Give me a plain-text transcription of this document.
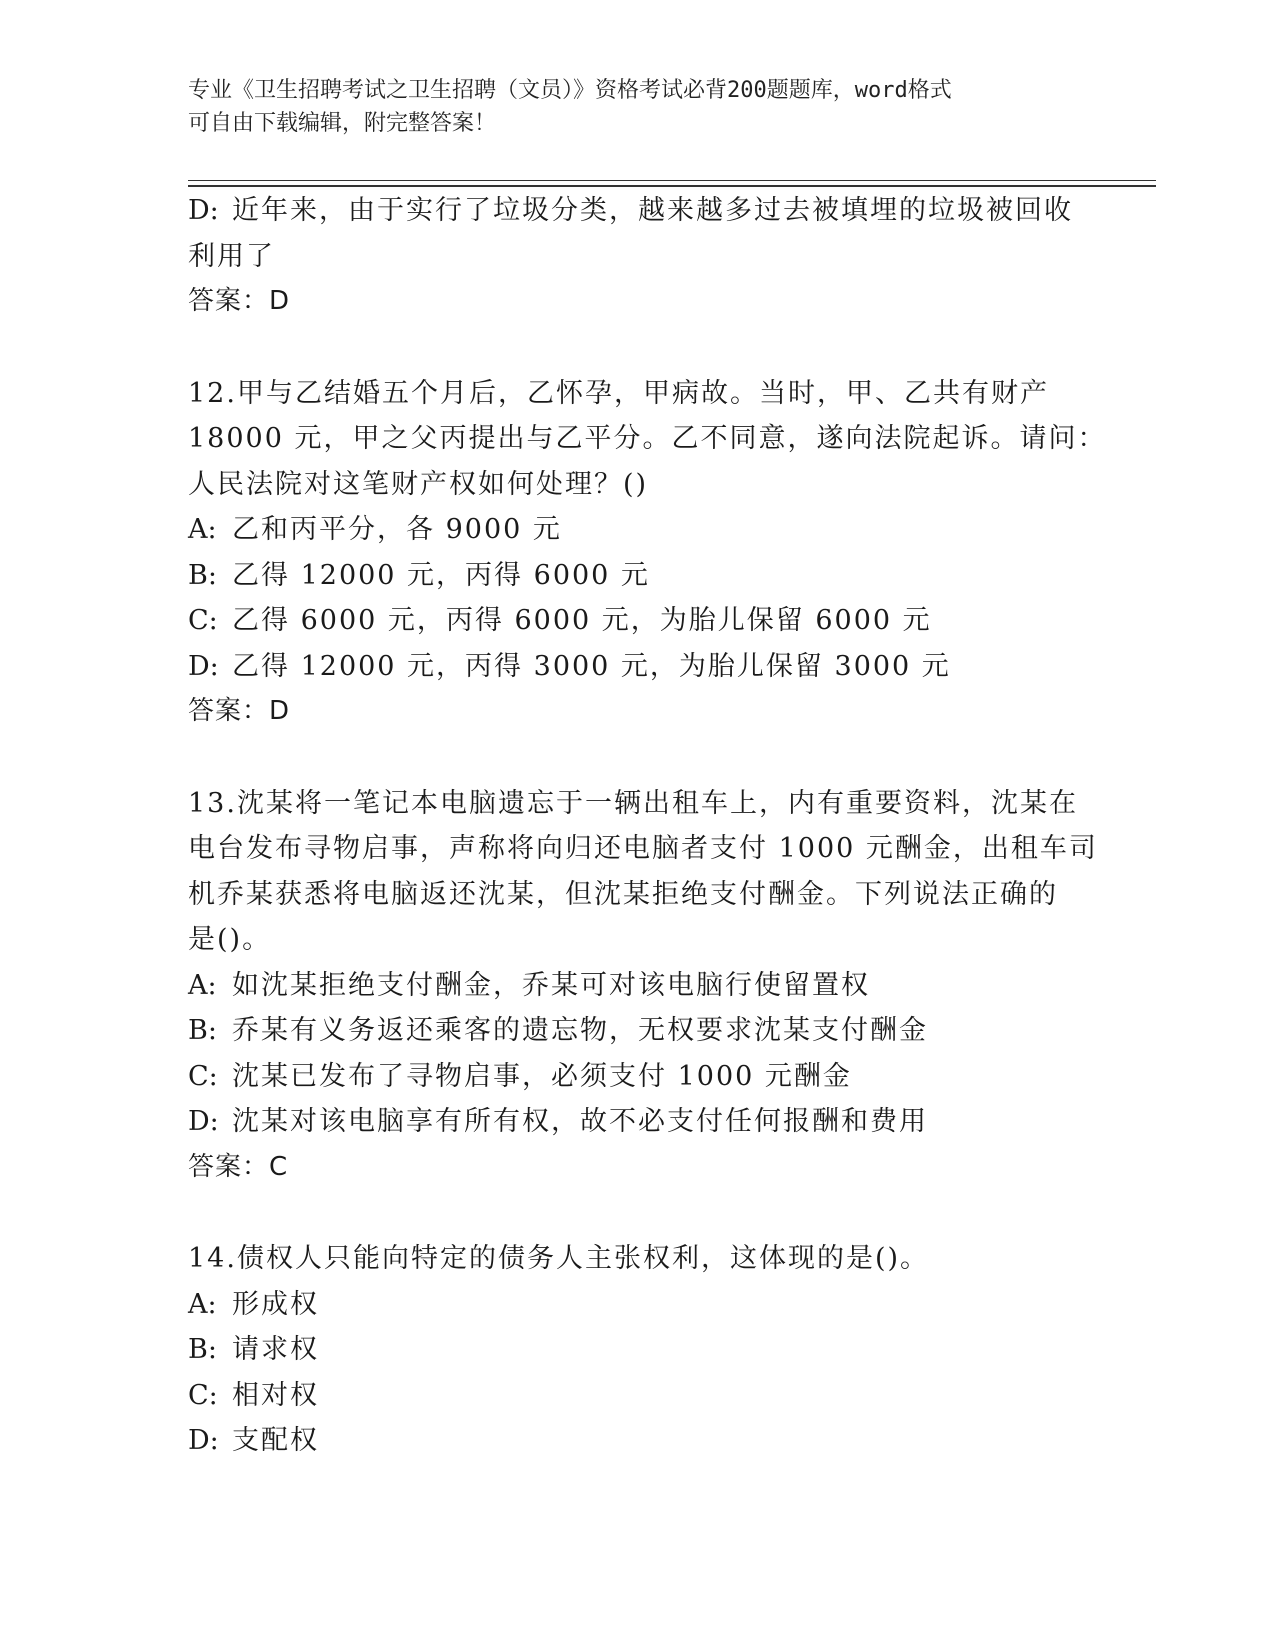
专业《卫生招聘考试之卫生招聘（文员）》资格考试必背200题题库，word格式
可自由下载编辑，附完整答案！
D: 近年来，由于实行了垃圾分类，越来越多过去被填埋的垃圾被回收
利用了
答案：D
12.甲与乙结婚五个月后，乙怀孕，甲病故。当时，甲、乙共有财产
18000 元，甲之父丙提出与乙平分。乙不同意，遂向法院起诉。请问：
人民法院对这笔财产权如何处理？()
A: 乙和丙平分，各 9000 元
B: 乙得 12000 元，丙得 6000 元
C: 乙得 6000 元，丙得 6000 元，为胎儿保留 6000 元
D: 乙得 12000 元，丙得 3000 元，为胎儿保留 3000 元
答案：D
13.沈某将一笔记本电脑遗忘于一辆出租车上，内有重要资料，沈某在
电台发布寻物启事，声称将向归还电脑者支付 1000 元酬金，出租车司
机乔某获悉将电脑返还沈某，但沈某拒绝支付酬金。下列说法正确的
是()。
A: 如沈某拒绝支付酬金，乔某可对该电脑行使留置权
B: 乔某有义务返还乘客的遗忘物，无权要求沈某支付酬金
C: 沈某已发布了寻物启事，必须支付 1000 元酬金
D: 沈某对该电脑享有所有权，故不必支付任何报酬和费用
答案：C
14.债权人只能向特定的债务人主张权利，这体现的是()。
A: 形成权
B: 请求权
C: 相对权
D: 支配权
